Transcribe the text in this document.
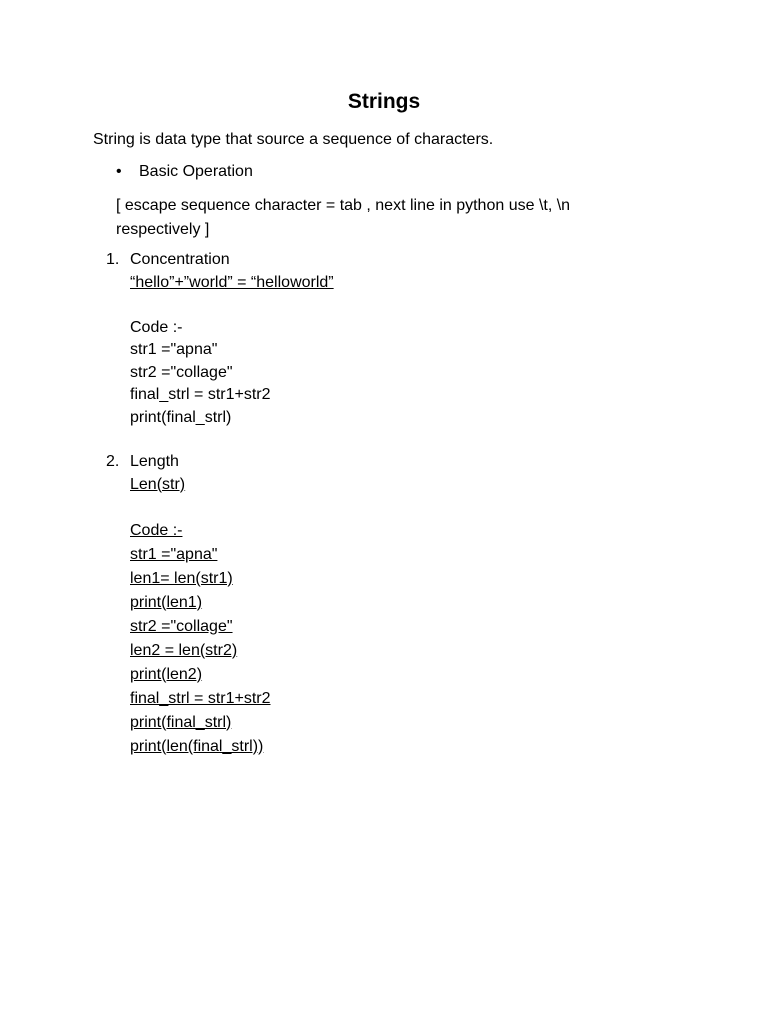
Strings
String is data type that source a sequence of characters.
•	Basic Operation
[ escape sequence character = tab , next line in python use \t, \n respectively ]
1. Concentration
“hello”+”world” = “helloworld”
Code :-
str1 ="apna"
str2 ="collage"
final_strl = str1+str2
print(final_strl)
2. Length
Len(str)
Code :-
str1 ="apna"
len1= len(str1)
print(len1)
str2 ="collage"
len2 = len(str2)
print(len2)
final_strl = str1+str2
print(final_strl)
print(len(final_strl))
